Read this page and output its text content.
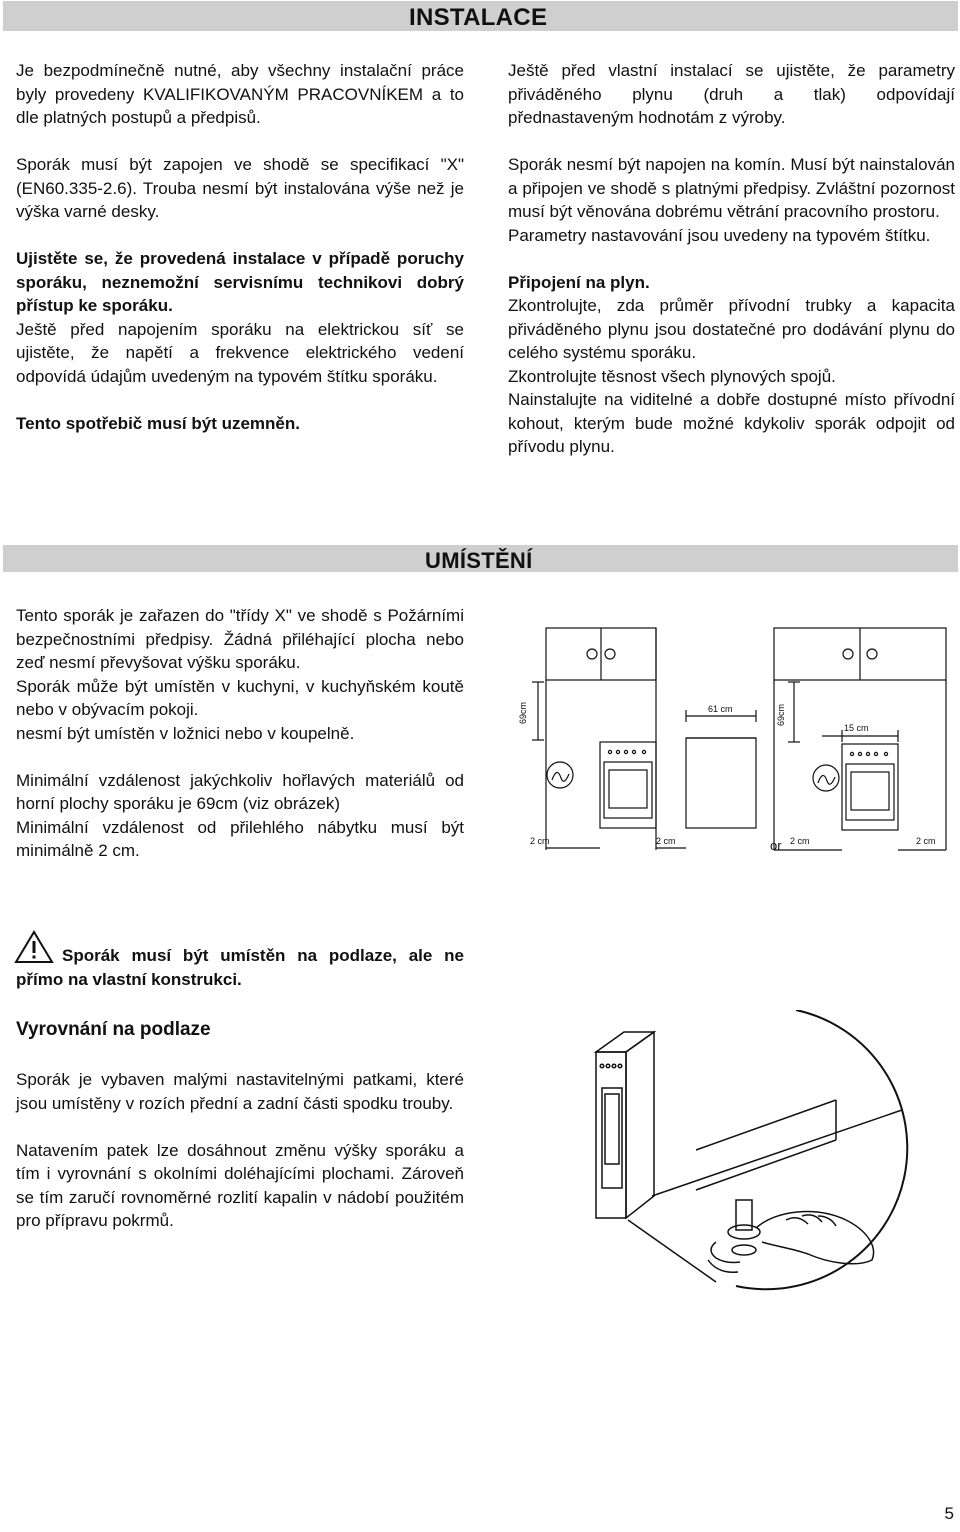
INSTALACE

Je bezpodmínečně nutné, aby všechny instalační práce byly provedeny KVALIFIKOVANÝM PRACOVNÍKEM a to dle platných postupů a předpisů.

Sporák musí být zapojen ve shodě se specifikací "X" (EN60.335-2.6). Trouba nesmí být instalována výše než je výška varné desky.

Ujistěte se, že provedená instalace v případě poruchy sporáku, neznemožní servisnímu technikovi dobrý přístup ke sporáku.

Ještě před napojením sporáku na elektrickou síť se ujistěte, že napětí a frekvence elektrického vedení odpovídá údajům uvedeným na typovém štítku sporáku.

Tento spotřebič musí být uzemněn.

Ještě před vlastní instalací se ujistěte, že parametry přiváděného plynu (druh a tlak) odpovídají přednastaveným hodnotám z výroby.

Sporák nesmí být napojen na komín. Musí být nainstalován a připojen ve shodě s platnými předpisy. Zvláštní pozornost musí být věnována dobrému větrání pracovního prostoru.

Parametry nastavování jsou uvedeny na typovém štítku.

Připojení na plyn.

Zkontrolujte, zda průměr přívodní trubky a kapacita přiváděného plynu jsou dostatečné pro dodávání plynu do celého systému sporáku.

Zkontrolujte těsnost všech plynových spojů.

Nainstalujte na viditelné a dobře dostupné místo přívodní kohout, kterým bude možné kdykoliv sporák odpojit od přívodu plynu.

UMÍSTĚNÍ

Tento sporák je zařazen do "třídy X" ve shodě s Požárními bezpečnostními předpisy. Žádná přiléhající plocha nebo zeď nesmí převyšovat výšku sporáku.

Sporák může být umístěn v kuchyni, v kuchyňském koutě nebo v obývacím pokoji.

nesmí být umístěn v ložnici nebo v koupelně.

Minimální vzdálenost jakýchkoliv hořlavých materiálů od horní plochy sporáku je 69cm (viz obrázek)

Minimální vzdálenost od přilehlého nábytku musí být minimálně 2 cm.

Sporák musí být umístěn na podlaze, ale ne přímo na vlastní konstrukci.

Vyrovnání na podlaze

Sporák je vybaven malými nastavitelnými patkami, které jsou umístěny v rozích přední a zadní části spodku trouby.

Natavením patek lze dosáhnout změnu výšky sporáku a tím i vyrovnání s okolními doléhajícími plochami. Zároveň se tím zaručí rovnoměrné rozlití kapalin v nádobí použitém pro přípravu pokrmů.

69cm	61 cm	69cm
15 cm
2 cm	2 cm	or 2 cm	2 cm
5
